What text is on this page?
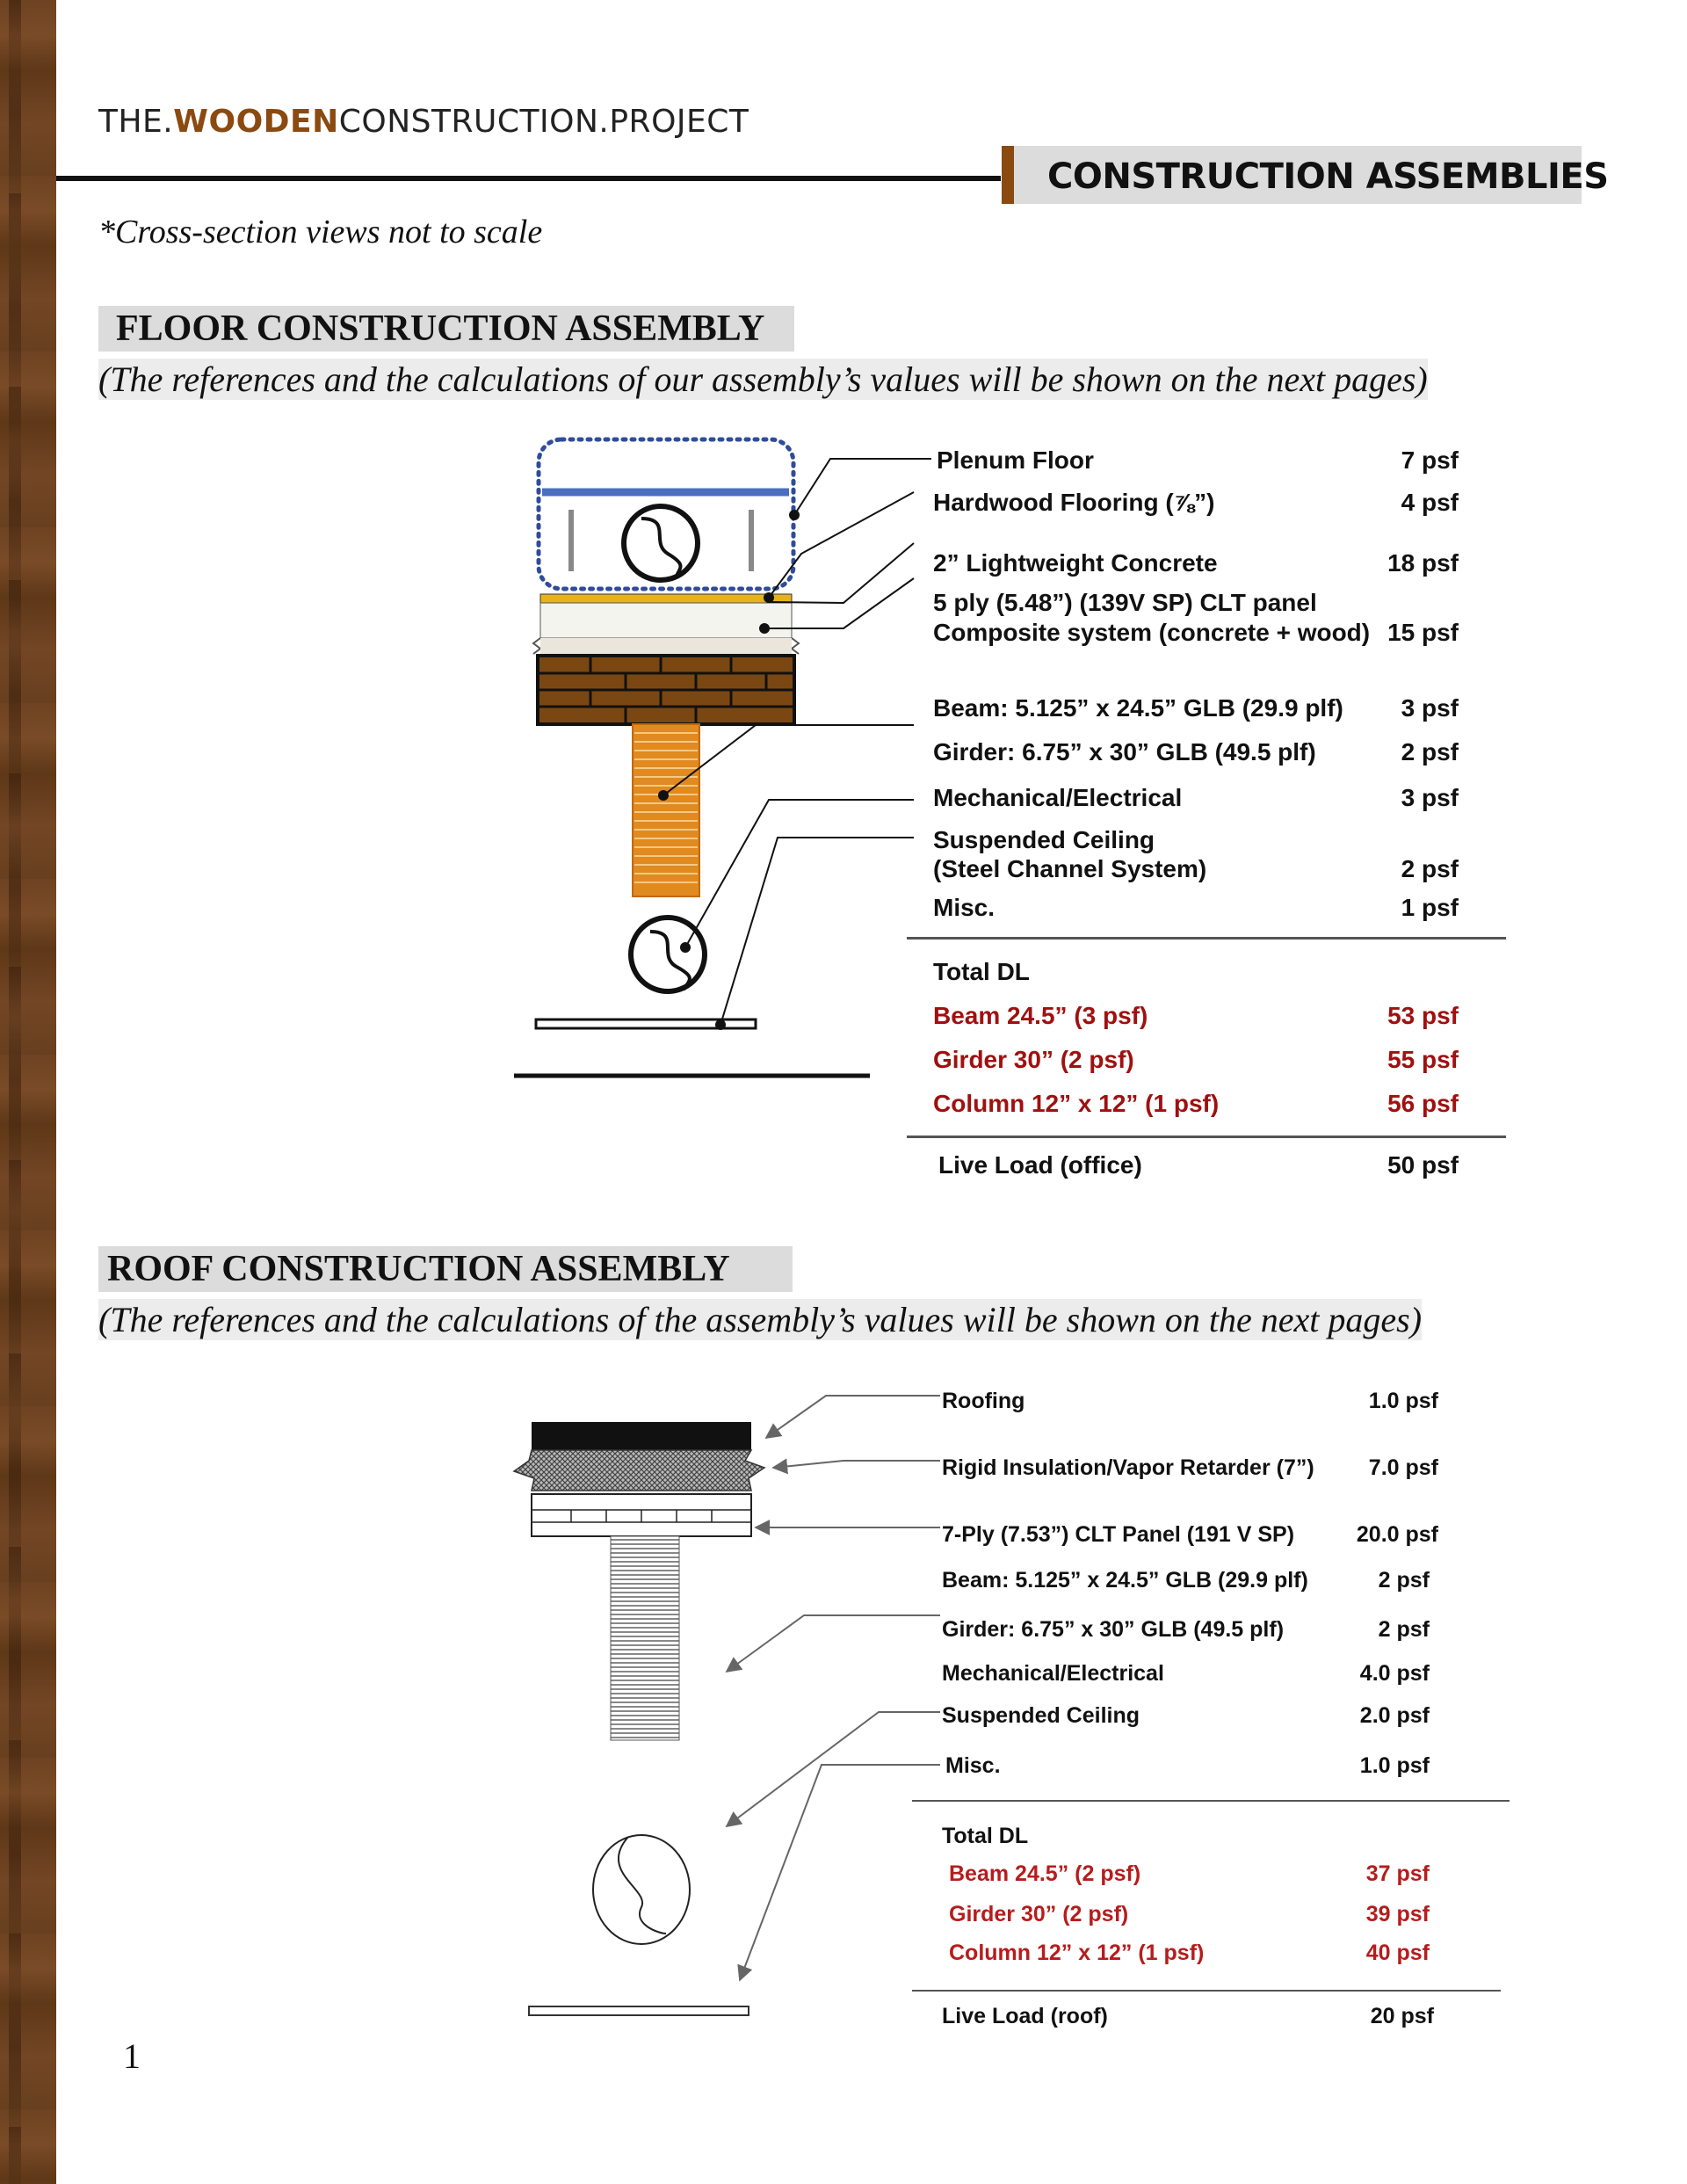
THE.WOODENCONSTRUCTION.PROJECT
CONSTRUCTION ASSEMBLIES
*Cross-section views not to scale
FLOOR CONSTRUCTION ASSEMBLY
(The references and the calculations of our assembly’s values will be shown on the next pages)
Plenum Floor	7 psf
Hardwood Flooring (⅞”)	4 psf
2” Lightweight Concrete	18 psf
5 ply (5.48”) (139V SP) CLT panel
Composite system (concrete + wood) 15 psf
Beam: 5.125” x 24.5” GLB (29.9 plf)	3 psf
Girder: 6.75” x 30” GLB (49.5 plf)	2 psf
Mechanical/Electrical	3 psf
Suspended Ceiling
(Steel Channel System)	2 psf
Misc.	1 psf
Total DL
Beam 24.5” (3 psf)	53 psf
Girder 30” (2 psf)	55 psf
Column 12” x 12” (1 psf)	56 psf
Live Load (office)	50 psf
ROOF CONSTRUCTION ASSEMBLY
(The references and the calculations of the assembly’s values will be shown on the next pages)
Roofing	1.0 psf
Rigid Insulation/Vapor Retarder (7”)	7.0 psf
7-Ply (7.53”) CLT Panel (191 V SP)	20.0 psf
Beam: 5.125” x 24.5” GLB (29.9 plf)	2 psf
Girder: 6.75” x 30” GLB (49.5 plf)	2 psf
Mechanical/Electrical	4.0 psf
Suspended Ceiling	2.0 psf
Misc.	1.0 psf
Total DL
Beam 24.5” (2 psf)	37 psf
Girder 30” (2 psf)	39 psf
Column 12” x 12” (1 psf)	40 psf
Live Load (roof)	20 psf
1
